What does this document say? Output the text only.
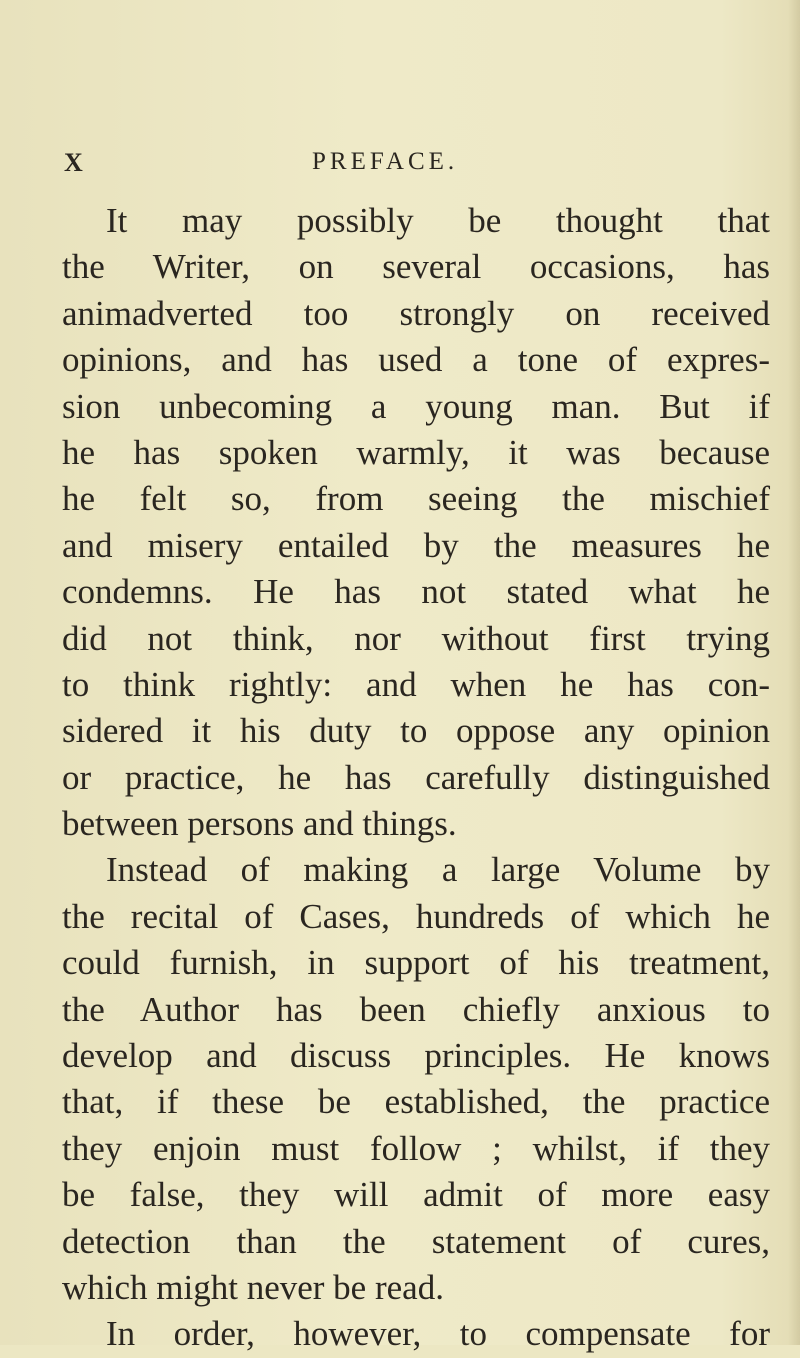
X	PREFACE.
It may possibly be thought that
the Writer, on several occasions, has
animadverted too strongly on received
opinions, and has used a tone of expres-
sion unbecoming a young man. But if
he has spoken warmly, it was because
he felt so, from seeing the mischief
and misery entailed by the measures he
condemns. He has not stated what he
did not think, nor without first trying
to think rightly: and when he has con-
sidered it his duty to oppose any opinion
or practice, he has carefully distinguished
between persons and things.
Instead of making a large Volume by
the recital of Cases, hundreds of which he
could furnish, in support of his treatment,
the Author has been chiefly anxious to
develop and discuss principles. He knows
that, if these be established, the practice
they enjoin must follow ; whilst, if they
be false, they will admit of more easy
detection than the statement of cures,
which might never be read.
In order, however, to compensate for
